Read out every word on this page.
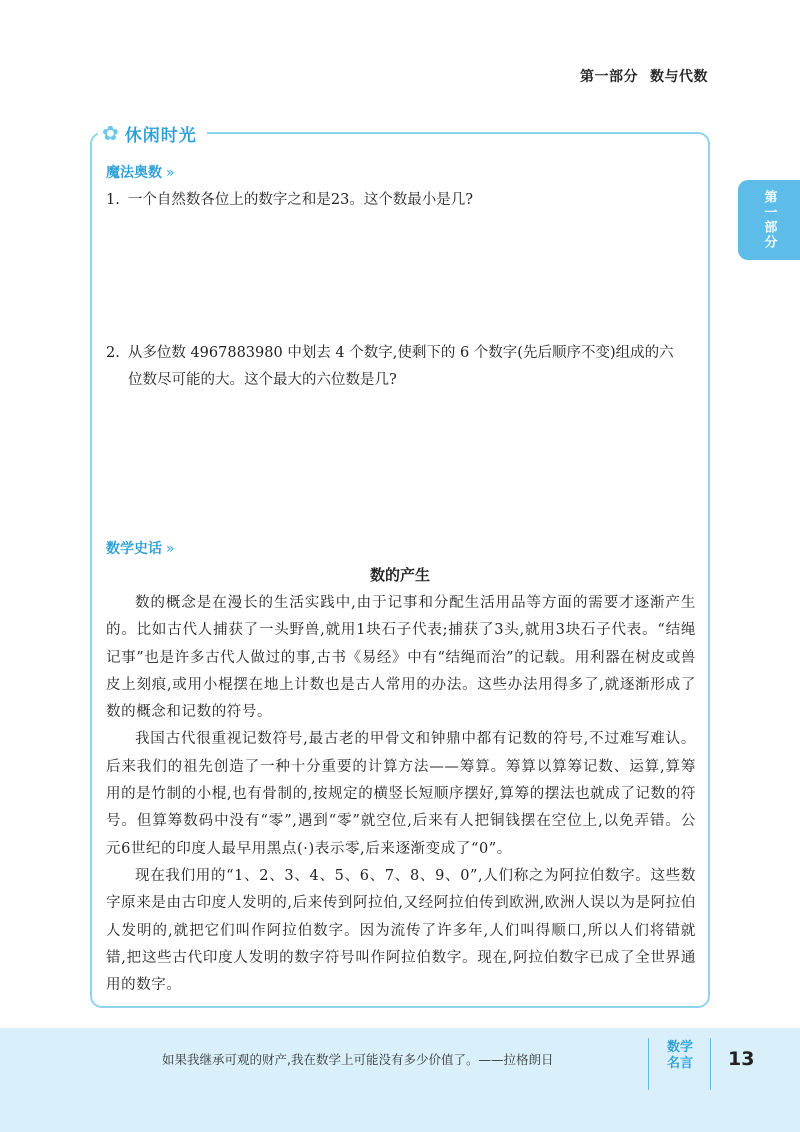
第一部分 数与代数
第一部分
✿ 休闲时光
魔法奥数 »
1. 一个自然数各位上的数字之和是23。这个数最小是几?
2. 从多位数 4967883980 中划去 4 个数字,使剩下的 6 个数字(先后顺序不变)组成的六
位数尽可能的大。这个最大的六位数是几?
数学史话 »
数的产生

数的概念是在漫长的生活实践中,由于记事和分配生活用品等方面的需要才逐渐产生的。比如古代人捕获了一头野兽,就用1块石子代表;捕获了3头,就用3块石子代表。“结绳记事”也是许多古代人做过的事,古书《易经》中有“结绳而治”的记载。用利器在树皮或兽皮上刻痕,或用小棍摆在地上计数也是古人常用的办法。这些办法用得多了,就逐渐形成了数的概念和记数的符号。

我国古代很重视记数符号,最古老的甲骨文和钟鼎中都有记数的符号,不过难写难认。后来我们的祖先创造了一种十分重要的计算方法——筹算。筹算以算筹记数、运算,算筹用的是竹制的小棍,也有骨制的,按规定的横竖长短顺序摆好,算筹的摆法也就成了记数的符号。但算筹数码中没有“零”,遇到“零”就空位,后来有人把铜钱摆在空位上,以免弄错。公元6世纪的印度人最早用黑点(·)表示零,后来逐渐变成了“0”。

现在我们用的“1、2、3、4、5、6、7、8、9、0”,人们称之为阿拉伯数字。这些数字原来是由古印度人发明的,后来传到阿拉伯,又经阿拉伯传到欧洲,欧洲人误以为是阿拉伯人发明的,就把它们叫作阿拉伯数字。因为流传了许多年,人们叫得顺口,所以人们将错就错,把这些古代印度人发明的数字符号叫作阿拉伯数字。现在,阿拉伯数字已成了全世界通用的数字。

如果我继承可观的财产,我在数学上可能没有多少价值了。——拉格朗日
数学
名言	13
